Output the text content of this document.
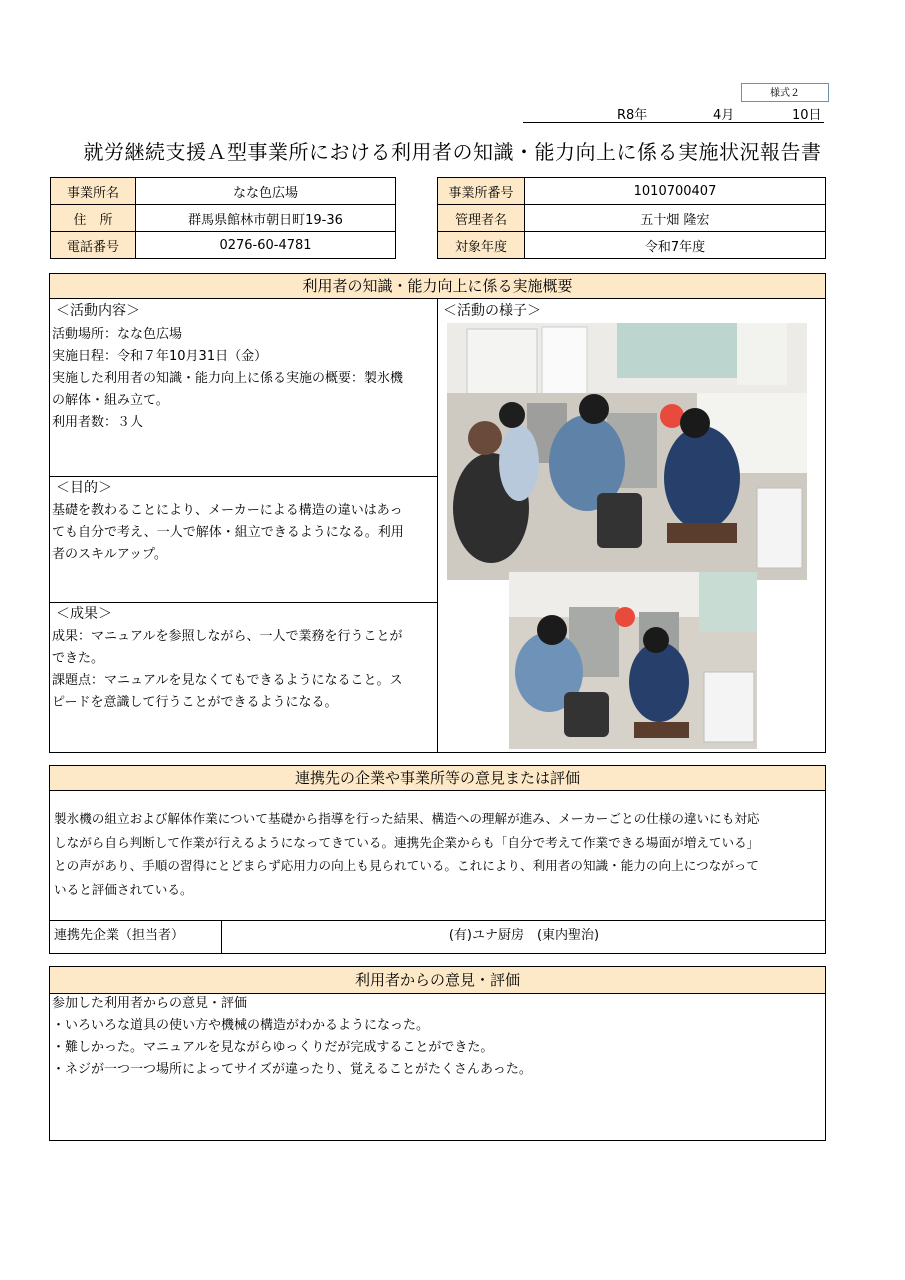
様式２
R8年	4月	10日
就労継続支援Ａ型事業所における利用者の知識・能力向上に係る実施状況報告書
事業所名	なな色広場
住　所	群馬県館林市朝日町19-36
電話番号	0276-60-4781
事業所番号	1010700407
管理者名	五十畑 隆宏
対象年度	令和7年度
利用者の知識・能力向上に係る実施概要
＜活動内容＞
活動場所：なな色広場
実施日程：令和７年10月31日（金）
実施した利用者の知識・能力向上に係る実施の概要：製氷機
の解体・組み立て。
利用者数：３人
＜目的＞
基礎を教わることにより、メーカーによる構造の違いはあっ
ても自分で考え、一人で解体・組立できるようになる。利用
者のスキルアップ。
＜成果＞
成果：マニュアルを参照しながら、一人で業務を行うことが
できた。
課題点：マニュアルを見なくてもできるようになること。ス
ピードを意識して行うことができるようになる。
＜活動の様子＞
連携先の企業や事業所等の意見または評価
製氷機の組立および解体作業について基礎から指導を行った結果、構造への理解が進み、メーカーごとの仕様の違いにも対応
しながら自ら判断して作業が行えるようになってきている。連携先企業からも「自分で考えて作業できる場面が増えている」
との声があり、手順の習得にとどまらず応用力の向上も見られている。これにより、利用者の知識・能力の向上につながって
いると評価されている。
連携先企業（担当者）	(有)ユナ厨房　(東内聖治)
利用者からの意見・評価
参加した利用者からの意見・評価
・いろいろな道具の使い方や機械の構造がわかるようになった。
・難しかった。マニュアルを見ながらゆっくりだが完成することができた。
・ネジが一つ一つ場所によってサイズが違ったり、覚えることがたくさんあった。
